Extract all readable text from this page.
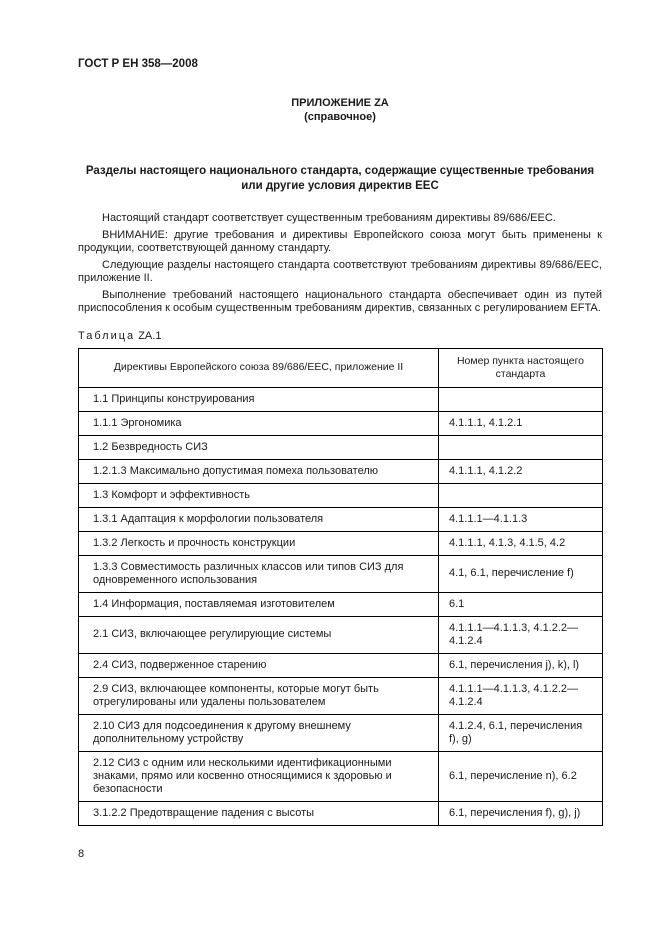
ГОСТ Р ЕН 358—2008
ПРИЛОЖЕНИЕ ZA
(справочное)
Разделы настоящего национального стандарта, содержащие существенные требования или другие условия директив ЕЕС

Настоящий стандарт соответствует существенным требованиям директивы 89/686/ЕЕС.

ВНИМАНИЕ: другие требования и директивы Европейского союза могут быть применены к продукции, соответствующей данному стандарту.

Следующие разделы настоящего стандарта соответствуют требованиям директивы 89/686/ЕЕС, приложение II.

Выполнение требований настоящего национального стандарта обеспечивает один из путей приспособления к особым существенным требованиям директив, связанных с регулированием EFTA.

Таблица ZA.1
Директивы Европейского союза 89/686/ЕЕС, приложение II	Номер пункта настоящего стандарта
1.1 Принципы конструирования	
1.1.1 Эргономика	4.1.1.1, 4.1.2.1
1.2 Безвредность СИЗ	
1.2.1.3 Максимально допустимая помеха пользователю	4.1.1.1, 4.1.2.2
1.3 Комфорт и эффективность	
1.3.1 Адаптация к морфологии пользователя	4.1.1.1—4.1.1.3
1.3.2 Легкость и прочность конструкции	4.1.1.1, 4.1.3, 4.1.5, 4.2
1.3.3 Совместимость различных классов или типов СИЗ для одновременного использования	4.1, 6.1, перечисление f)
1.4 Информация, поставляемая изготовителем	6.1
2.1 СИЗ, включающее регулирующие системы	4.1.1.1—4.1.1.3, 4.1.2.2—4.1.2.4
2.4 СИЗ, подверженное старению	6.1, перечисления j), k), l)
2.9 СИЗ, включающее компоненты, которые могут быть отрегулированы или удалены пользователем	4.1.1.1—4.1.1.3, 4.1.2.2—4.1.2.4
2.10 СИЗ для подсоединения к другому внешнему дополнительному устройству	4.1.2.4, 6.1, перечисления f), g)
2.12 СИЗ с одним или несколькими идентификационными знаками, прямо или косвенно относящимися к здоровью и безопасности	6.1, перечисление n), 6.2
3.1.2.2 Предотвращение падения с высоты	6.1, перечисления f), g), j)
8
